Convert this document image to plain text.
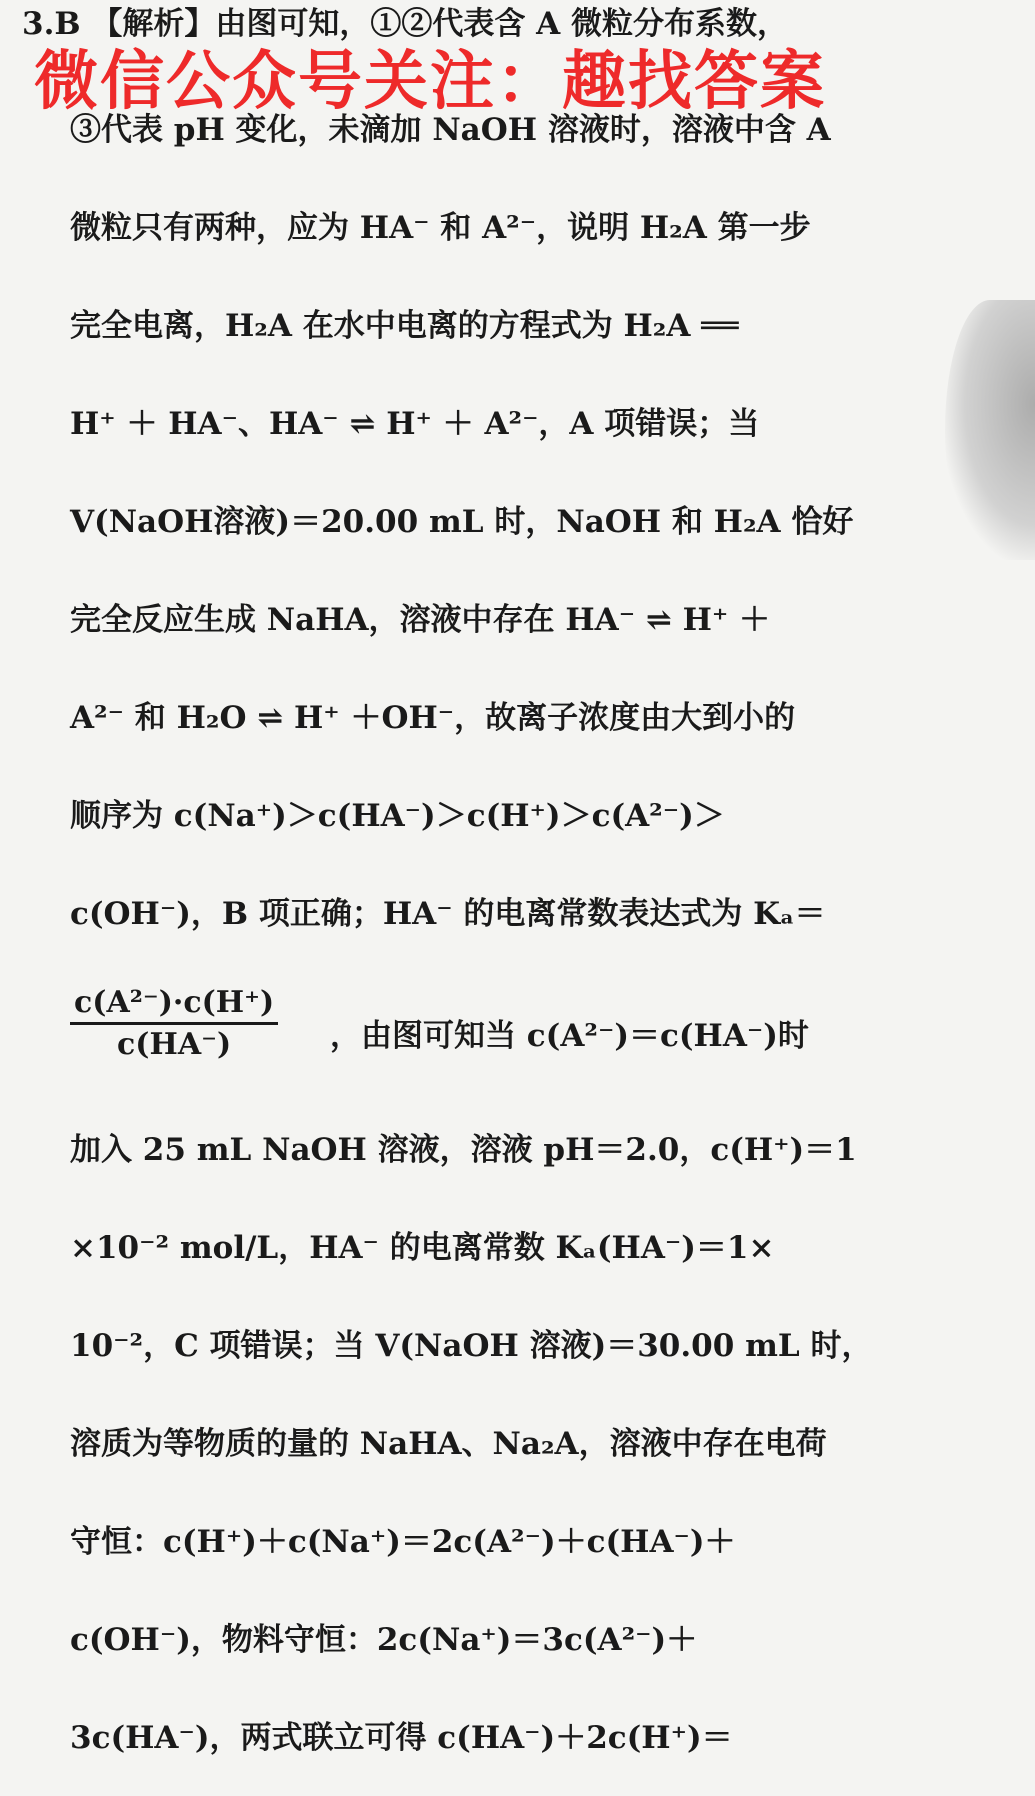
3.B 【解析】由图可知，①②代表含 A 微粒分布系数，
微信公众号关注：趣找答案
③代表 pH 变化，未滴加 NaOH 溶液时，溶液中含 A
微粒只有两种，应为 HA⁻ 和 A²⁻，说明 H₂A 第一步
完全电离，H₂A 在水中电离的方程式为 H₂A ══
H⁺ ＋ HA⁻、HA⁻ ⇌ H⁺ ＋ A²⁻，A 项错误；当
V(NaOH溶液)＝20.00 mL 时，NaOH 和 H₂A 恰好
完全反应生成 NaHA，溶液中存在 HA⁻ ⇌ H⁺ ＋
A²⁻ 和 H₂O ⇌ H⁺ ＋OH⁻，故离子浓度由大到小的
顺序为 c(Na⁺)＞c(HA⁻)＞c(H⁺)＞c(A²⁻)＞
c(OH⁻)，B 项正确；HA⁻ 的电离常数表达式为 Kₐ＝
$\frac{\text{c(A²⁻)·c(H⁺)}}{c(HA^-)}$ ，由图可知当 c(A²⁻)＝c(HA⁻)时
加入 25 mL NaOH 溶液，溶液 pH＝2.0，c(H⁺)＝1
×10⁻² mol/L，HA⁻ 的电离常数 Kₐ(HA⁻)＝1×
10⁻²，C 项错误；当 V(NaOH 溶液)＝30.00 mL 时，
溶质为等物质的量的 NaHA、Na₂A，溶液中存在电荷
守恒：c(H⁺)＋c(Na⁺)＝2c(A²⁻)＋c(HA⁻)＋
c(OH⁻)，物料守恒：2c(Na⁺)＝3c(A²⁻)＋
3c(HA⁻)，两式联立可得 c(HA⁻)＋2c(H⁺)＝
